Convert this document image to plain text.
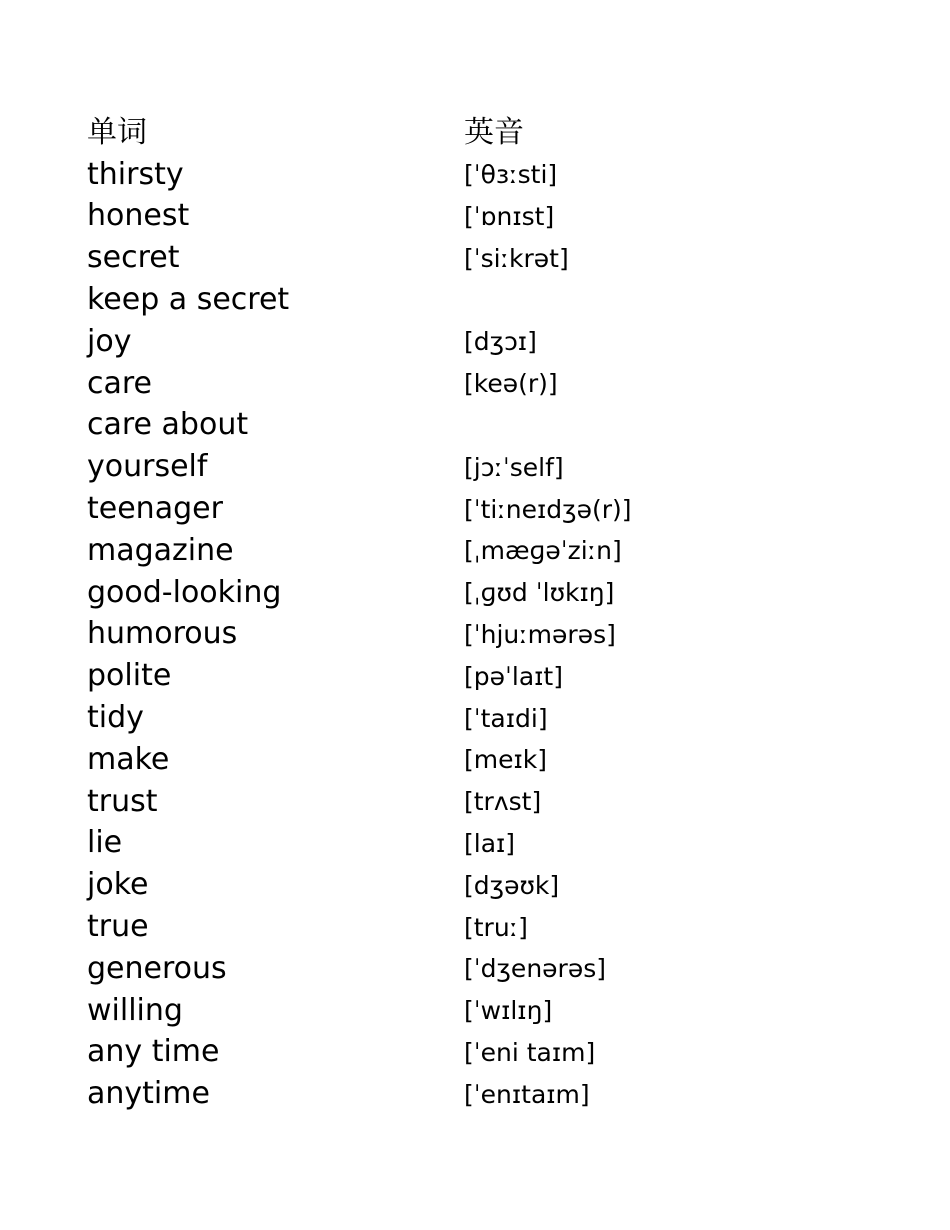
单词	英音
thirsty	[ˈθɜːsti]
honest	[ˈɒnɪst]
secret	[ˈsiːkrət]
keep a secret
joy	[dʒɔɪ]
care	[keə(r)]
care about
yourself	[jɔːˈself]
teenager	[ˈtiːneɪdʒə(r)]
magazine	[ˌmæɡəˈziːn]
good-looking	[ˌɡʊd ˈlʊkɪŋ]
humorous	[ˈhjuːmərəs]
polite	[pəˈlaɪt]
tidy	[ˈtaɪdi]
make	[meɪk]
trust	[trʌst]
lie	[laɪ]
joke	[dʒəʊk]
true	[truː]
generous	[ˈdʒenərəs]
willing	[ˈwɪlɪŋ]
any time	[ˈeni taɪm]
anytime	[ˈenɪtaɪm]
